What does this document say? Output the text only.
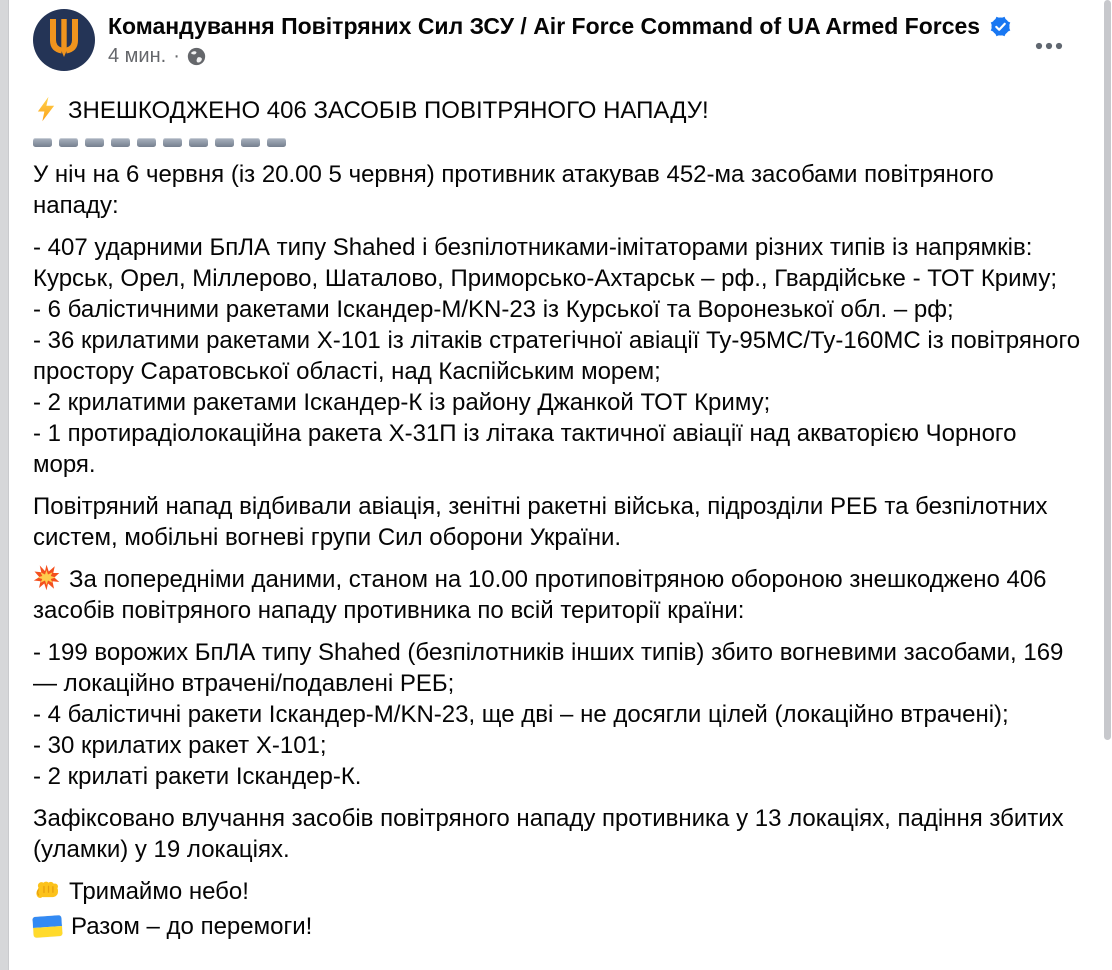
Командування Повітряних Сил ЗСУ / Air Force Command of UA Armed Forces
4 мин. ·
ЗНЕШКОДЖЕНО 406 ЗАСОБІВ ПОВІТРЯНОГО НАПАДУ!

У ніч на 6 червня (із 20.00 5 червня) противник атакував 452-ма засобами повітряного нападу:

- 407 ударними БпЛА типу Shahed і безпілотниками-імітаторами різних типів із напрямків: Курськ, Орел, Міллерово, Шаталово, Приморсько-Ахтарськ – рф., Гвардійське - ТОТ Криму;
- 6 балістичними ракетами Іскандер-М/KN-23 із Курської та Воронезької обл. – рф;
- 36 крилатими ракетами Х-101 із літаків стратегічної авіації Ту-95МС/Ту-160МС із повітряного простору Саратовської області, над Каспійським морем;
- 2 крилатими ракетами Іскандер-К із району Джанкой ТОТ Криму;
- 1 протирадіолокаційна ракета Х-31П із літака тактичної авіації над акваторією Чорного моря.

Повітряний напад відбивали авіація, зенітні ракетні війська, підрозділи РЕБ та безпілотних систем, мобільні вогневі групи Сил оборони України.

За попередніми даними, станом на 10.00 протиповітряною обороною знешкоджено 406 засобів повітряного нападу противника по всій території країни:
- 199 ворожих БпЛА типу Shahed (безпілотників інших типів) збито вогневими засобами, 169 — локаційно втрачені/подавлені РЕБ;
- 4 балістичні ракети Іскандер-М/KN-23, ще дві – не досягли цілей (локаційно втрачені);
- 30 крилатих ракет Х-101;
- 2 крилаті ракети Іскандер-К.

Зафіксовано влучання засобів повітряного нападу противника у 13 локаціях, падіння збитих (уламки) у 19 локаціях.

Тримаймо небо!

Разом – до перемоги!
